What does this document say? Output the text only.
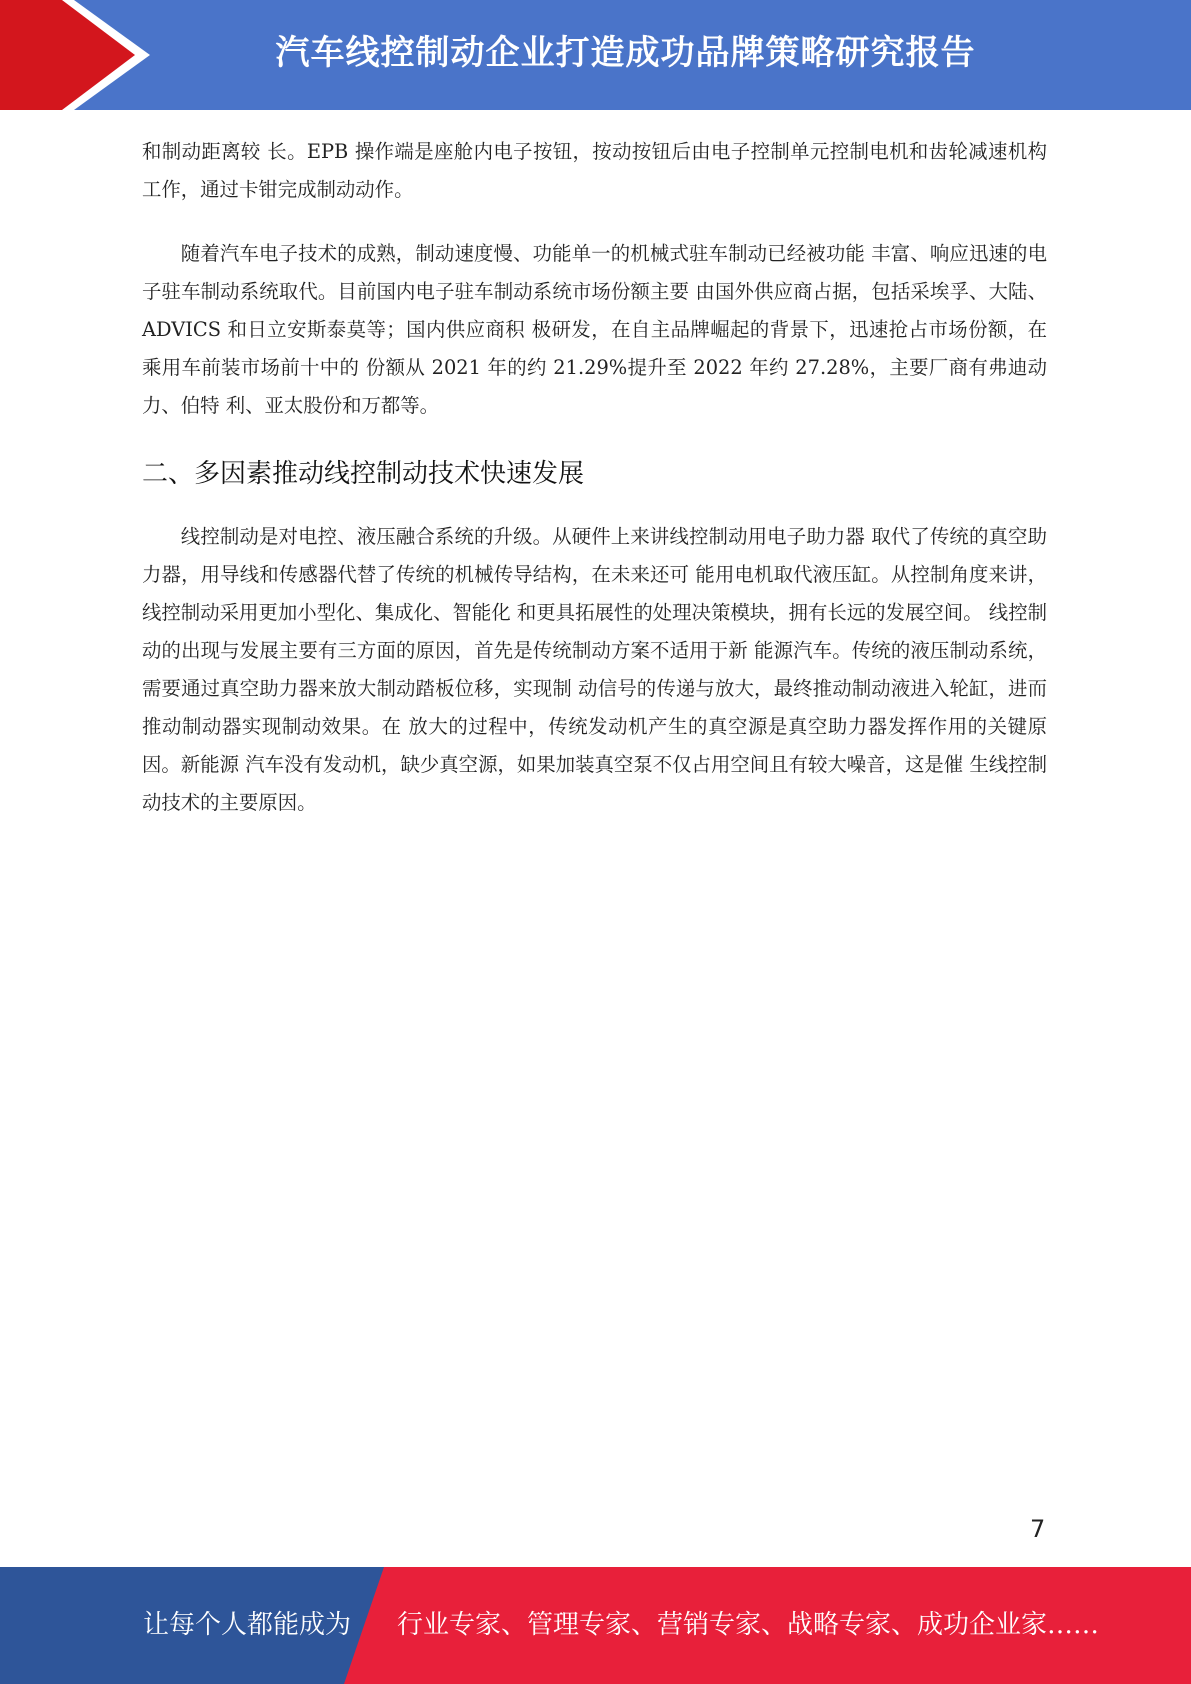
汽车线控制动企业打造成功品牌策略研究报告

和制动距离较 长。EPB 操作端是座舱内电子按钮，按动按钮后由电子控制单元控制电机和齿轮减速机构工作，通过卡钳完成制动动作。

随着汽车电子技术的成熟，制动速度慢、功能单一的机械式驻车制动已经被功能 丰富、响应迅速的电子驻车制动系统取代。目前国内电子驻车制动系统市场份额主要 由国外供应商占据，包括采埃孚、大陆、ADVICS 和日立安斯泰莫等；国内供应商积 极研发，在自主品牌崛起的背景下，迅速抢占市场份额，在乘用车前装市场前十中的 份额从 2021 年的约 21.29%提升至 2022 年约 27.28%，主要厂商有弗迪动力、伯特 利、亚太股份和万都等。

二、多因素推动线控制动技术快速发展

线控制动是对电控、液压融合系统的升级。从硬件上来讲线控制动用电子助力器 取代了传统的真空助力器，用导线和传感器代替了传统的机械传导结构，在未来还可 能用电机取代液压缸。从控制角度来讲，线控制动采用更加小型化、集成化、智能化 和更具拓展性的处理决策模块，拥有长远的发展空间。 线控制动的出现与发展主要有三方面的原因，首先是传统制动方案不适用于新 能源汽车。传统的液压制动系统，需要通过真空助力器来放大制动踏板位移，实现制 动信号的传递与放大，最终推动制动液进入轮缸，进而推动制动器实现制动效果。在 放大的过程中，传统发动机产生的真空源是真空助力器发挥作用的关键原因。新能源 汽车没有发动机，缺少真空源，如果加装真空泵不仅占用空间且有较大噪音，这是催 生线控制动技术的主要原因。

7
让每个人都能成为 行业专家、管理专家、营销专家、战略专家、成功企业家……
